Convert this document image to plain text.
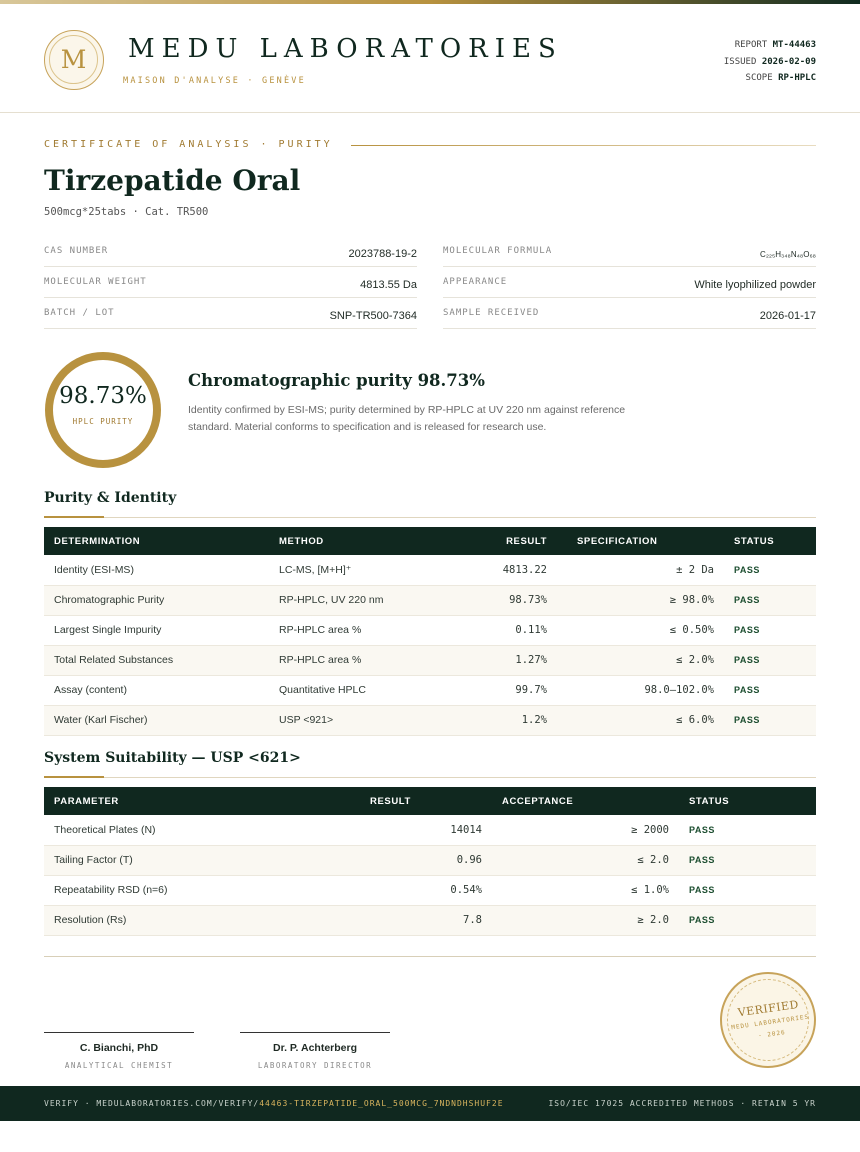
M	MEDU LABORATORIES
MAISON D'ANALYSE · GENÈVE
REPORT MT-44463
ISSUED 2026-02-09
SCOPE RP-HPLC
CERTIFICATE OF ANALYSIS · PURITY
Tirzepatide Oral
500mcg*25tabs · Cat. TR500
CAS NUMBER	2023788-19-2	MOLECULAR FORMULA	C₂₂₅H₃₄₈N₄₈O₆₈
MOLECULAR WEIGHT	4813.55 Da	APPEARANCE	White lyophilized powder
BATCH / LOT	SNP-TR500-7364	SAMPLE RECEIVED	2026-01-17
98.73%
HPLC PURITY
Chromatographic purity 98.73%

Identity confirmed by ESI-MS; purity determined by RP-HPLC at UV 220 nm against reference standard. Material conforms to specification and is released for research use.

Purity & Identity
DETERMINATION	METHOD	RESULT	SPECIFICATION	STATUS
Identity (ESI-MS)	LC-MS, [M+H]⁺	4813.22	± 2 Da	PASS
Chromatographic Purity	RP-HPLC, UV 220 nm	98.73%	≥ 98.0%	PASS
Largest Single Impurity	RP-HPLC area %	0.11%	≤ 0.50%	PASS
Total Related Substances	RP-HPLC area %	1.27%	≤ 2.0%	PASS
Assay (content)	Quantitative HPLC	99.7%	98.0–102.0%	PASS
Water (Karl Fischer)	USP <921>	1.2%	≤ 6.0%	PASS
System Suitability — USP <621>
PARAMETER	RESULT	ACCEPTANCE	STATUS
Theoretical Plates (N)	14014	≥ 2000	PASS
Tailing Factor (T)	0.96	≤ 2.0	PASS
Repeatability RSD (n=6)	0.54%	≤ 1.0%	PASS
Resolution (Rs)	7.8	≥ 2.0	PASS
C. Bianchi, PhD
ANALYTICAL CHEMIST
Dr. P. Achterberg
LABORATORY DIRECTOR
VERIFIED
MEDU LABORATORIES
· 2026
VERIFY · MEDULABORATORIES.COM/VERIFY/44463-TIRZEPATIDE_ORAL_500MCG_7NDNDHSHUF2E	ISO/IEC 17025 ACCREDITED METHODS · RETAIN 5 YR
